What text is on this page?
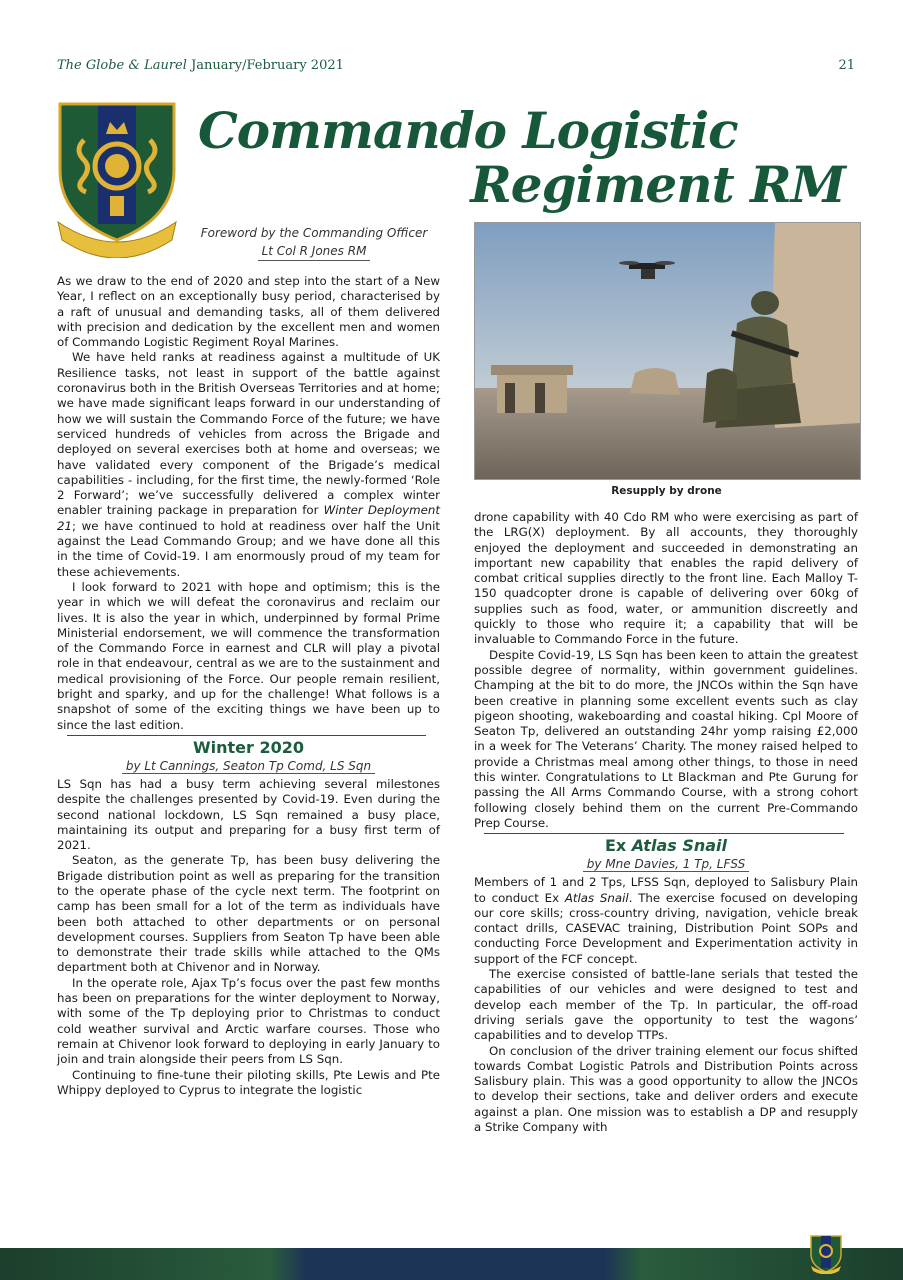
The Globe & Laurel January/February 2021	21
Commando Logistic
Regiment RM
Foreword by the Commanding Officer
Lt Col R Jones RM

As we draw to the end of 2020 and step into the start of a New Year, I reflect on an exceptionally busy period, characterised by a raft of unusual and demanding tasks, all of them delivered with precision and dedication by the excellent men and women of Commando Logistic Regiment Royal Marines.

We have held ranks at readiness against a multitude of UK Resilience tasks, not least in support of the battle against coronavirus both in the British Overseas Territories and at home; we have made significant leaps forward in our understanding of how we will sustain the Commando Force of the future; we have serviced hundreds of vehicles from across the Brigade and deployed on several exercises both at home and overseas; we have validated every component of the Brigade’s medical capabilities - including, for the first time, the newly-formed ‘Role 2 Forward’; we’ve successfully delivered a complex winter enabler training package in preparation for Winter Deployment 21; we have continued to hold at readiness over half the Unit against the Lead Commando Group; and we have done all this in the time of Covid-19. I am enormously proud of my team for these achievements.

I look forward to 2021 with hope and optimism; this is the year in which we will defeat the coronavirus and reclaim our lives. It is also the year in which, underpinned by formal Prime Ministerial endorsement, we will commence the transformation of the Commando Force in earnest and CLR will play a pivotal role in that endeavour, central as we are to the sustainment and medical provisioning of the Force. Our people remain resilient, bright and sparky, and up for the challenge! What follows is a snapshot of some of the exciting things we have been up to since the last edition.

Winter 2020
by Lt Cannings, Seaton Tp Comd, LS Sqn

LS Sqn has had a busy term achieving several milestones despite the challenges presented by Covid-19. Even during the second national lockdown, LS Sqn remained a busy place, maintaining its output and preparing for a busy first term of 2021.

Seaton, as the generate Tp, has been busy delivering the Brigade distribution point as well as preparing for the transition to the operate phase of the cycle next term. The footprint on camp has been small for a lot of the term as individuals have been both attached to other departments or on personal development courses. Suppliers from Seaton Tp have been able to demonstrate their trade skills while attached to the QMs department both at Chivenor and in Norway.

In the operate role, Ajax Tp’s focus over the past few months has been on preparations for the winter deployment to Norway, with some of the Tp deploying prior to Christmas to conduct cold weather survival and Arctic warfare courses. Those who remain at Chivenor look forward to deploying in early January to join and train alongside their peers from LS Sqn.

Continuing to fine-tune their piloting skills, Pte Lewis and Pte Whippy deployed to Cyprus to integrate the logistic

Resupply by drone

drone capability with 40 Cdo RM who were exercising as part of the LRG(X) deployment. By all accounts, they thoroughly enjoyed the deployment and succeeded in demonstrating an important new capability that enables the rapid delivery of combat critical supplies directly to the front line. Each Malloy T-150 quadcopter drone is capable of delivering over 60kg of supplies such as food, water, or ammunition discreetly and quickly to those who require it; a capability that will be invaluable to Commando Force in the future.

Despite Covid-19, LS Sqn has been keen to attain the greatest possible degree of normality, within government guidelines. Champing at the bit to do more, the JNCOs within the Sqn have been creative in planning some excellent events such as clay pigeon shooting, wakeboarding and coastal hiking. Cpl Moore of Seaton Tp, delivered an outstanding 24hr yomp raising £2,000 in a week for The Veterans’ Charity. The money raised helped to provide a Christmas meal among other things, to those in need this winter. Congratulations to Lt Blackman and Pte Gurung for passing the All Arms Commando Course, with a strong cohort following closely behind them on the current Pre-Commando Prep Course.

Ex Atlas Snail
by Mne Davies, 1 Tp, LFSS

Members of 1 and 2 Tps, LFSS Sqn, deployed to Salisbury Plain to conduct Ex Atlas Snail. The exercise focused on developing our core skills; cross-country driving, navigation, vehicle break contact drills, CASEVAC training, Distribution Point SOPs and conducting Force Development and Experimentation activity in support of the FCF concept.

The exercise consisted of battle-lane serials that tested the capabilities of our vehicles and were designed to test and develop each member of the Tp. In particular, the off-road driving serials gave the opportunity to test the wagons’ capabilities and to develop TTPs.

On conclusion of the driver training element our focus shifted towards Combat Logistic Patrols and Distribution Points across Salisbury plain. This was a good opportunity to allow the JNCOs to develop their sections, take and deliver orders and execute against a plan. One mission was to establish a DP and resupply a Strike Company with
